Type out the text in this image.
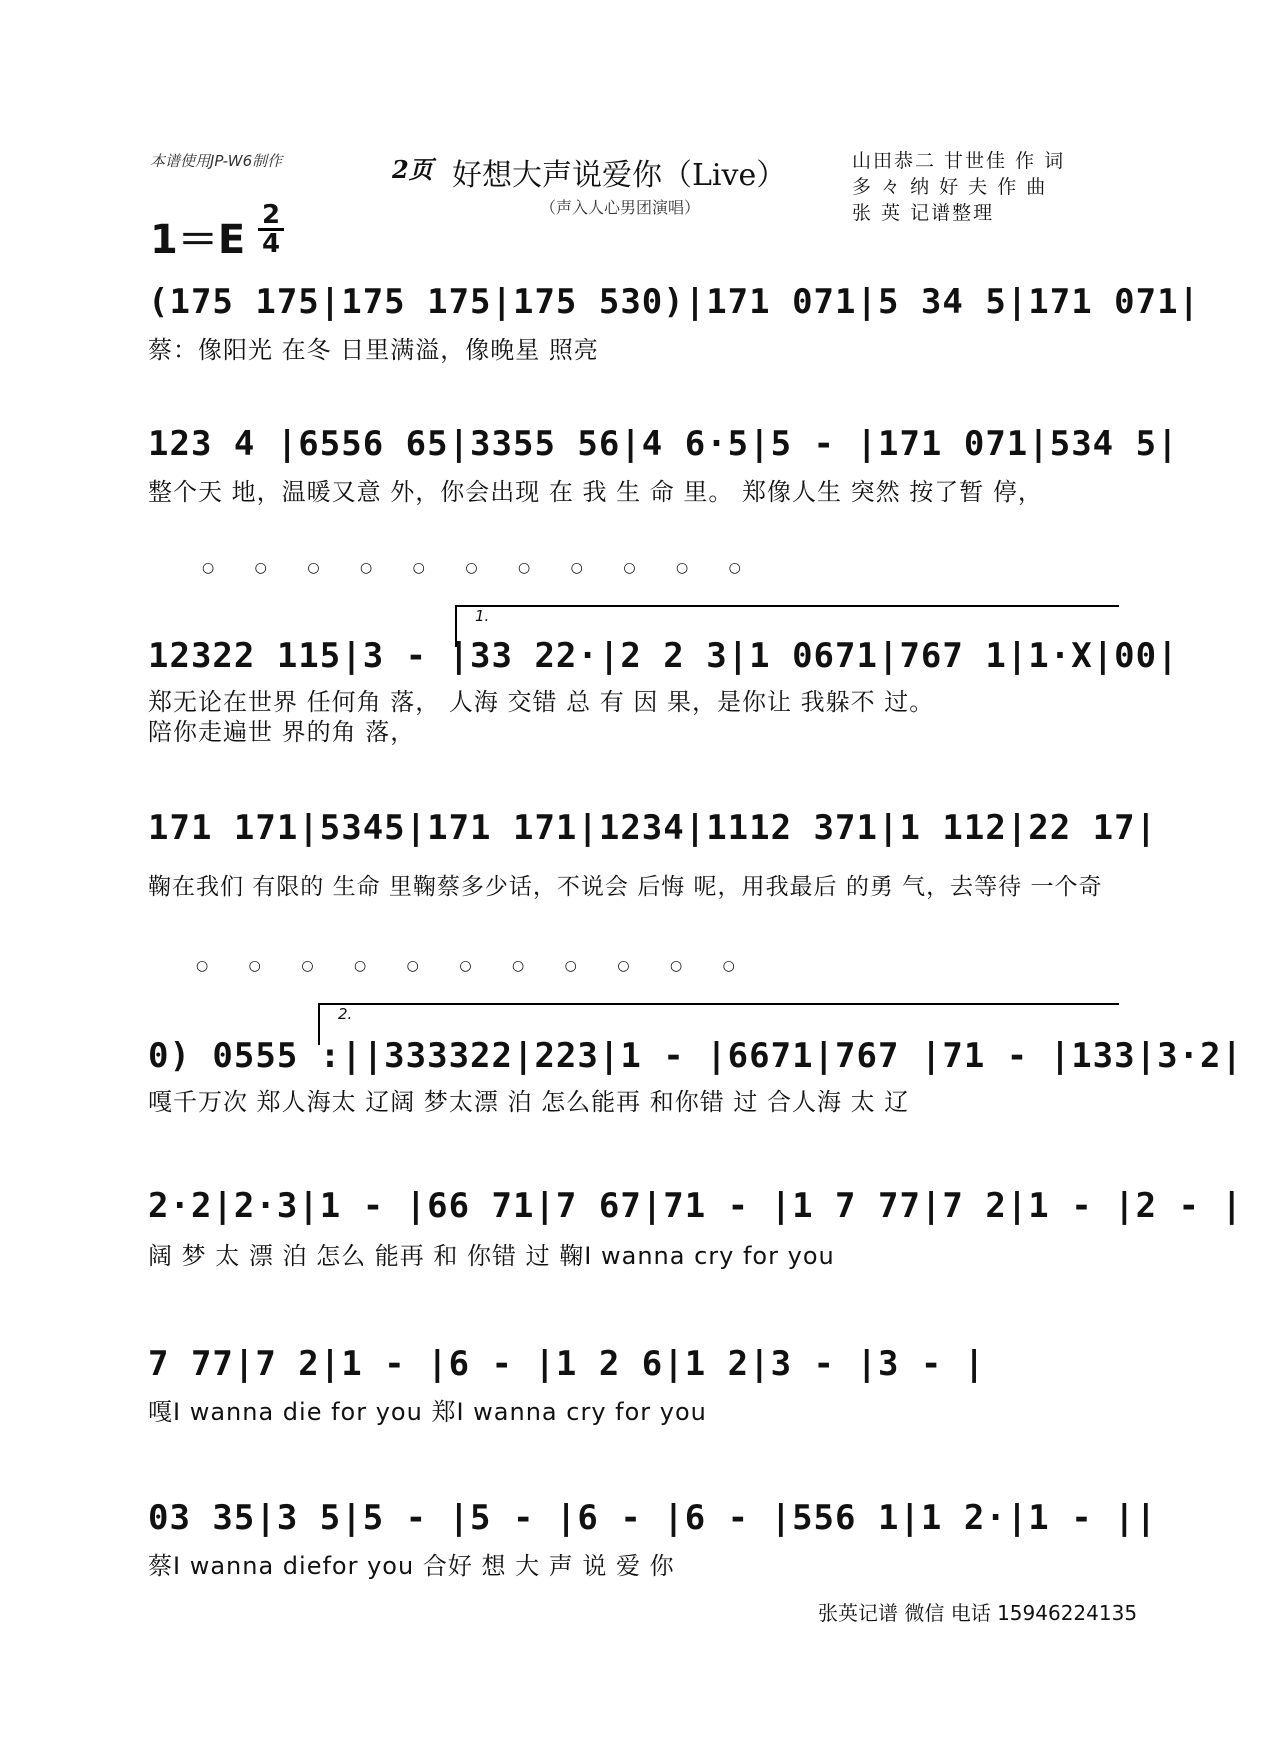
本谱使用JP-W6制作	2页 好想大声说爱你（Live）
（声入人心男团演唱）
山田恭二 甘世佳 作 词
多 々 纳 好 夫 作 曲
张 英 记谱整理
1＝E
2
4
(175 175|175 175|175 530)|171 071|5 34 5|171 071|
蔡：像阳光 在冬 日里满溢，像晚星 照亮
123 4 |6556 65|3355 56|4 6·5|5 - |171 071|534 5|
整个天 地，温暖又意 外，你会出现 在 我 生 命 里。 郑像人生 突然 按了暂 停，
○ ○ ○ ○ ○ ○ ○ ○ ○ ○ ○
1.
12322 115|3 - |33 22·|2 2 3|1 0671|767 1|1·X|00|
郑无论在世界 任何角 落， 人海 交错 总 有 因 果，是你让 我躲不 过。
陪你走遍世 界的角 落，
171 171|5345|171 171|1234|1112 371|1 112|22 17|
鞠在我们 有限的 生命 里鞠蔡多少话，不说会 后悔 呢，用我最后 的勇 气，去等待 一个奇
○ ○ ○ ○ ○ ○ ○ ○ ○ ○ ○
2.
0) 0555 :||333322|223|1 - |6671|767 |71 - |133|3·2|
嘎千万次 郑人海太 辽阔 梦太漂 泊 怎么能再 和你错 过 合人海 太 辽
2·2|2·3|1 - |66 71|7 67|71 - |1 7 77|7 2|1 - |2 - |
阔 梦 太 漂 泊 怎么 能再 和 你错 过 鞠I wanna cry for you
7 77|7 2|1 - |6 - |1 2 6|1 2|3 - |3 - |
嘎I wanna die for you 郑I wanna cry for you
03 35|3 5|5 - |5 - |6 - |6 - |556 1|1 2·|1 - ||
蔡I wanna diefor you 合好 想 大 声 说 爱 你
张英记谱 微信 电话 15946224135
